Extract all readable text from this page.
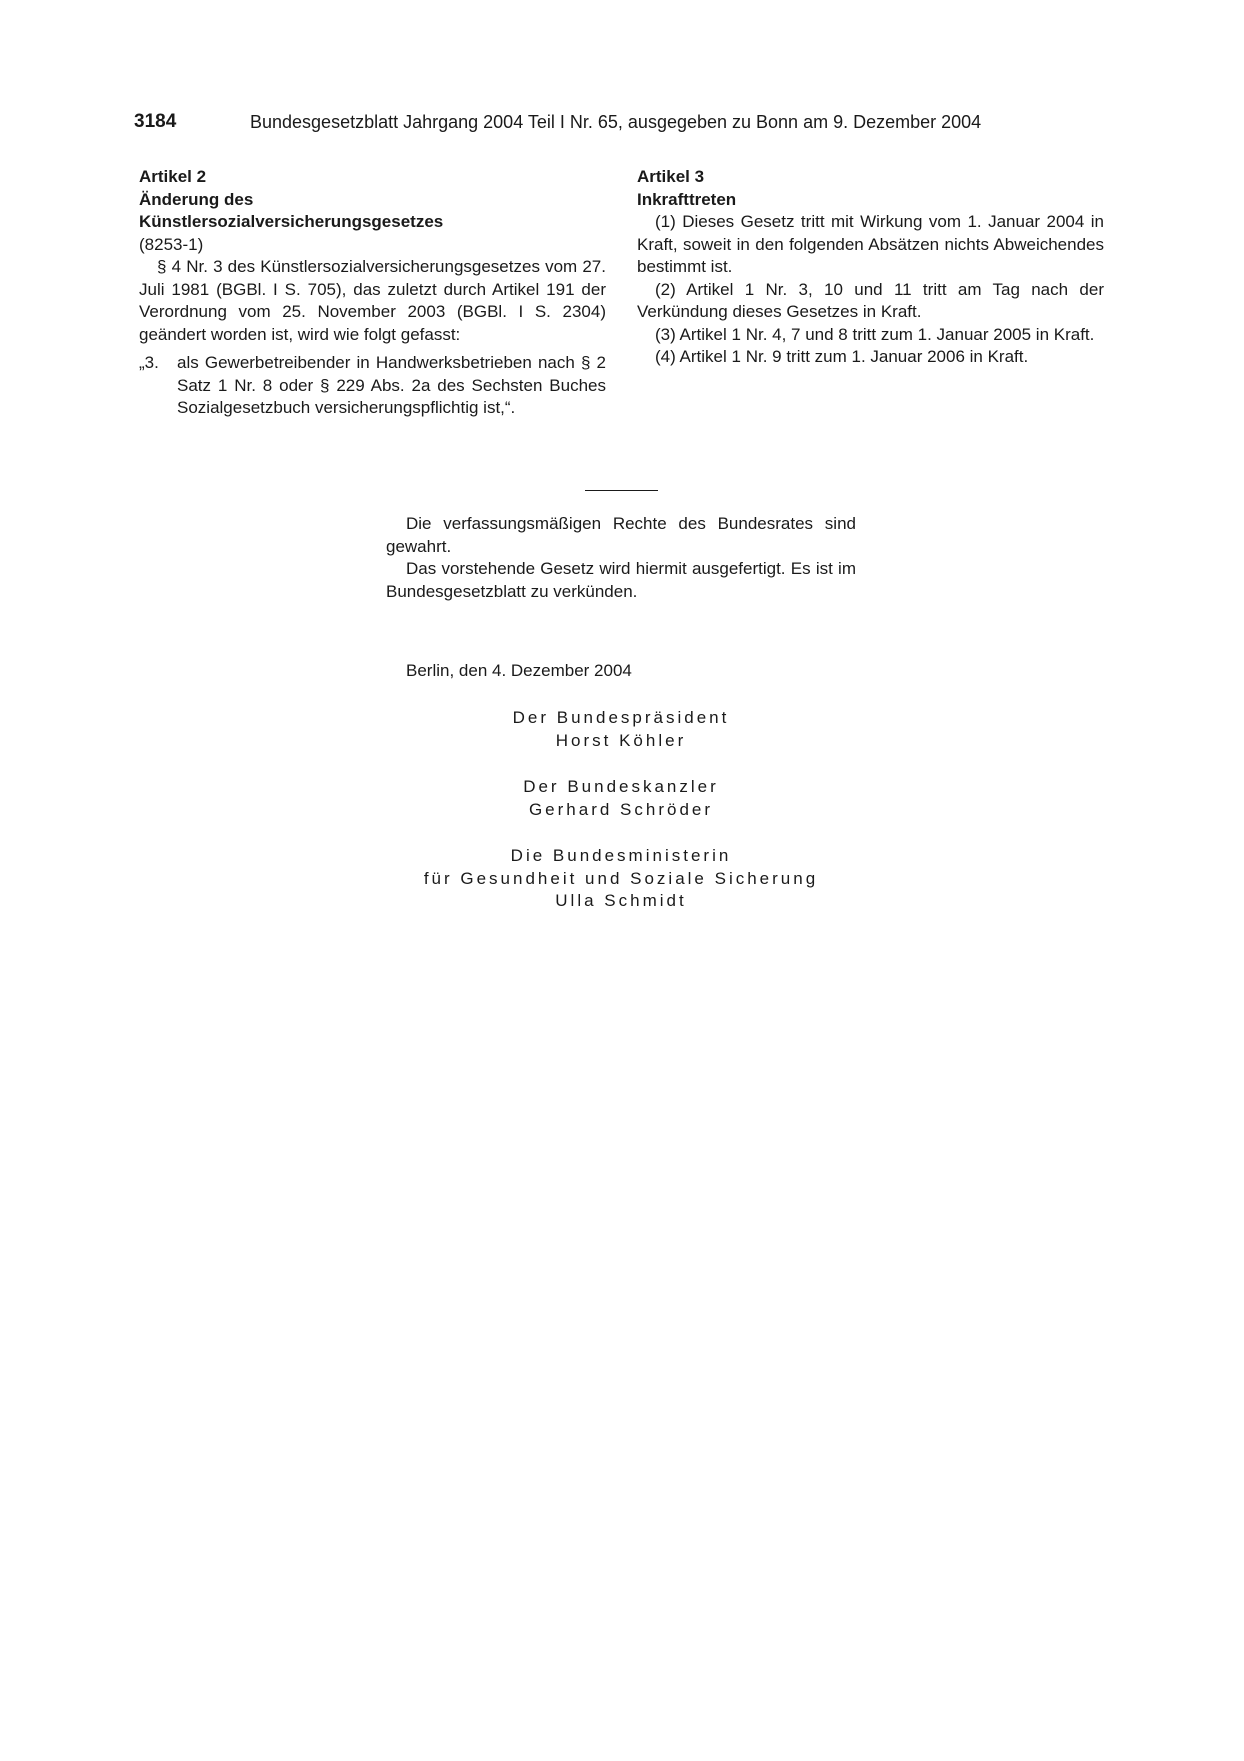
3184	Bundesgesetzblatt Jahrgang 2004 Teil I Nr. 65, ausgegeben zu Bonn am 9. Dezember 2004

Artikel 2

Änderung des

Künstlersozialversicherungsgesetzes

(8253-1)

§ 4 Nr. 3 des Künstlersozialversicherungsgesetzes vom 27. Juli 1981 (BGBl. I S. 705), das zuletzt durch Artikel 191 der Verordnung vom 25. November 2003 (BGBl. I S. 2304) geändert worden ist, wird wie folgt gefasst:

„3.	als Gewerbetreibender in Handwerksbetrieben nach § 2 Satz 1 Nr. 8 oder § 229 Abs. 2a des Sechsten Buches Sozialgesetzbuch versicherungspflichtig ist,“.

Artikel 3

Inkrafttreten

(1) Dieses Gesetz tritt mit Wirkung vom 1. Januar 2004 in Kraft, soweit in den folgenden Absätzen nichts Abweichendes bestimmt ist.

(2) Artikel 1 Nr. 3, 10 und 11 tritt am Tag nach der Verkündung dieses Gesetzes in Kraft.

(3) Artikel 1 Nr. 4, 7 und 8 tritt zum 1. Januar 2005 in Kraft.

(4) Artikel 1 Nr. 9 tritt zum 1. Januar 2006 in Kraft.

Die verfassungsmäßigen Rechte des Bundesrates sind gewahrt.

Das vorstehende Gesetz wird hiermit ausgefertigt. Es ist im Bundesgesetzblatt zu verkünden.

Berlin, den 4. Dezember 2004
Der Bundespräsident
Horst Köhler
Der Bundeskanzler
Gerhard Schröder
Die Bundesministerin
für Gesundheit und Soziale Sicherung
Ulla Schmidt
